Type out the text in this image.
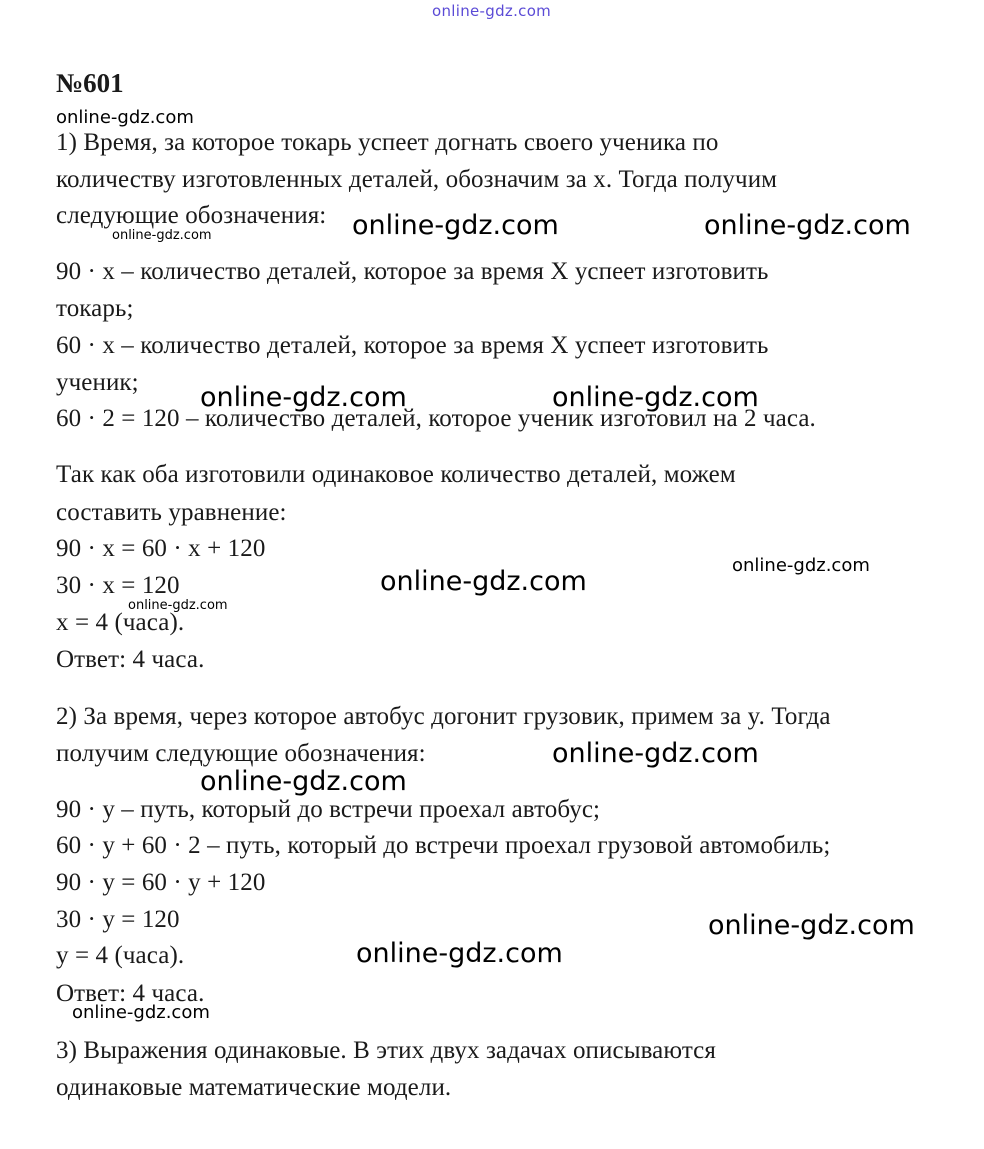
online-gdz.com
№601
1) Время, за которое токарь успеет догнать своего ученика по
количеству изготовленных деталей, обозначим за x. Тогда получим
следующие обозначения:
90 · x – количество деталей, которое за время X успеет изготовить
токарь;
60 · x – количество деталей, которое за время X успеет изготовить
ученик;
60 · 2 = 120 – количество деталей, которое ученик изготовил на 2 часа.
Так как оба изготовили одинаковое количество деталей, можем
составить уравнение:
90 · x = 60 · x + 120
30 · x = 120
x = 4 (часа).
Ответ: 4 часа.
2) За время, через которое автобус догонит грузовик, примем за y. Тогда
получим следующие обозначения:
90 · y – путь, который до встречи проехал автобус;
60 · y + 60 · 2 – путь, который до встречи проехал грузовой автомобиль;
90 · y = 60 · y + 120
30 · y = 120
y = 4 (часа).
Ответ: 4 часа.
3) Выражения одинаковые. В этих двух задачах описываются
одинаковые математические модели.
online-gdz.com
online-gdz.com	online-gdz.com	online-gdz.com
online-gdz.com	online-gdz.com
online-gdz.com
online-gdz.com
online-gdz.com
online-gdz.com
online-gdz.com
online-gdz.com
online-gdz.com
online-gdz.com
